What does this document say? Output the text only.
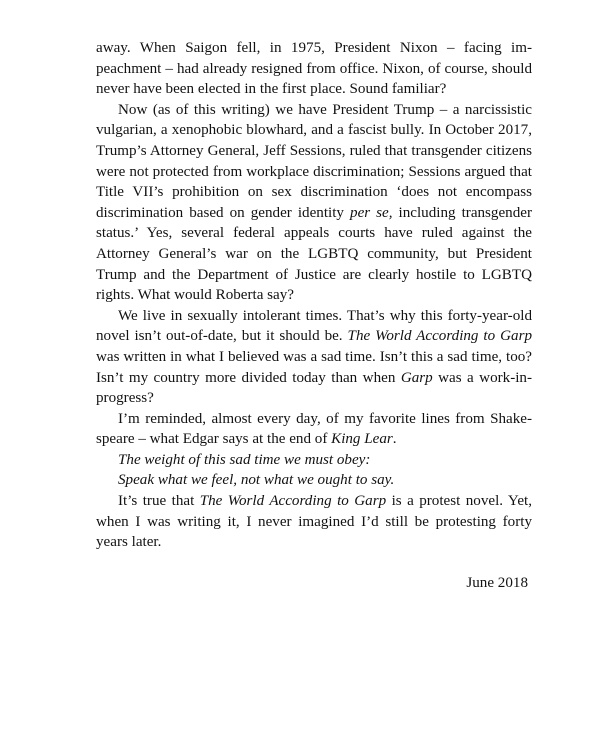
away. When Saigon fell, in 1975, President Nixon – facing impeachment – had already resigned from office. Nixon, of course, should never have been elected in the first place. Sound familiar?

Now (as of this writing) we have President Trump – a narcissistic vulgarian, a xenophobic blowhard, and a fascist bully. In October 2017, Trump’s Attorney General, Jeff Sessions, ruled that transgender citizens were not protected from workplace discrimination; Sessions argued that Title VII’s prohibition on sex discrimination ‘does not encompass discrimination based on gender identity per se, including transgender status.’ Yes, several federal appeals courts have ruled against the Attorney General’s war on the LGBTQ community, but President Trump and the Department of Justice are clearly hostile to LGBTQ rights. What would Roberta say?

We live in sexually intolerant times. That’s why this forty-year-old novel isn’t out-of-date, but it should be. The World According to Garp was written in what I believed was a sad time. Isn’t this a sad time, too? Isn’t my country more divided today than when Garp was a work-in-progress?

I’m reminded, almost every day, of my favorite lines from Shakespeare – what Edgar says at the end of King Lear.

The weight of this sad time we must obey:

Speak what we feel, not what we ought to say.

It’s true that The World According to Garp is a protest novel. Yet, when I was writing it, I never imagined I’d still be protesting forty years later.

June 2018
